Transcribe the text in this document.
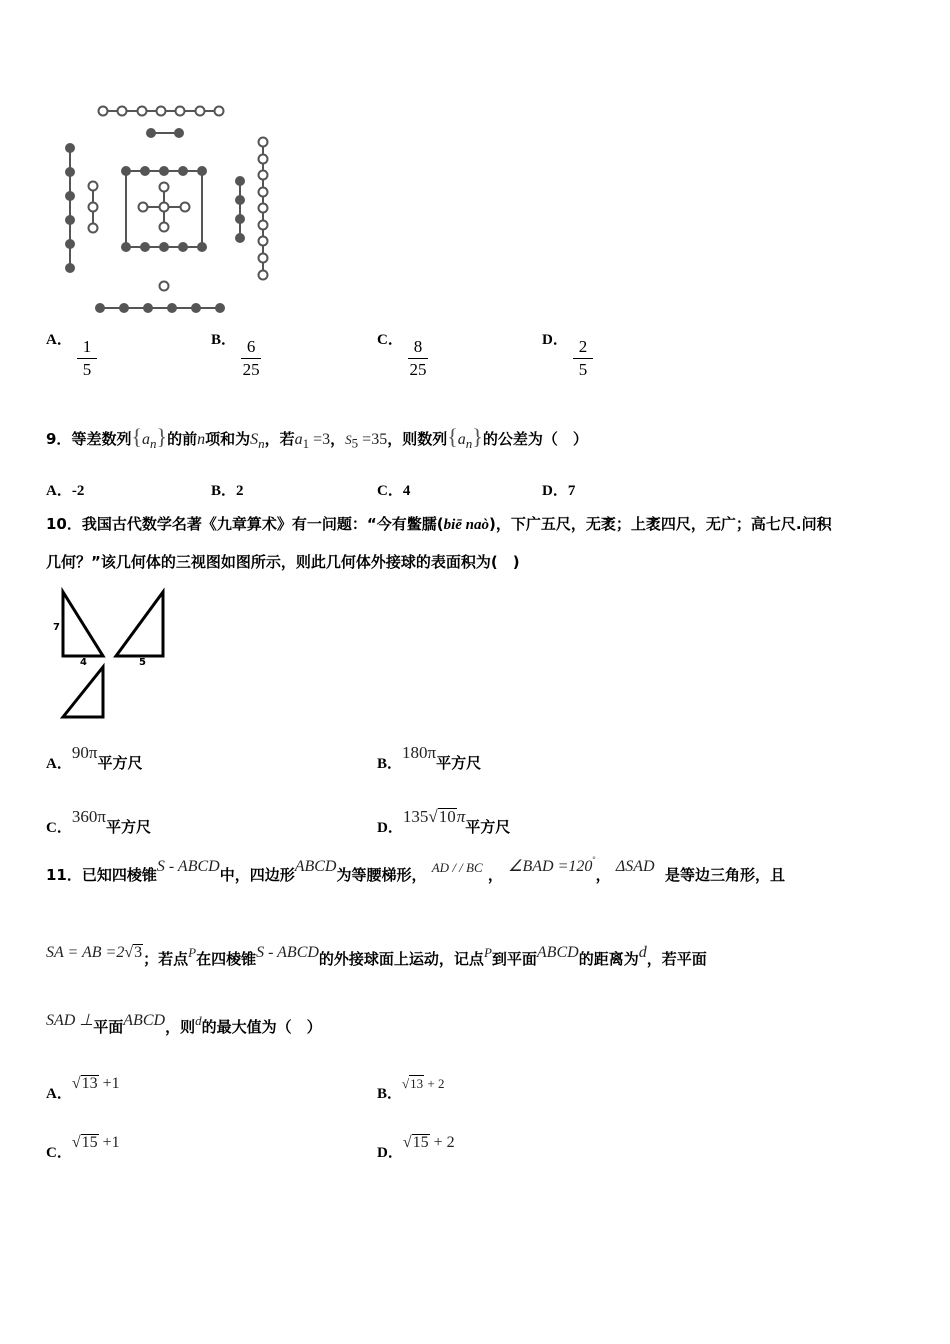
A． $\frac{1}{5}$	B． $\frac{6}{25}$	C． $\frac{8}{25}$	D． $\frac{2}{5}$
9．等差数列$\{a_n\}$的前n项和为$S_n$，若$a_1 =3$，$S_5 =35$，则数列$\{a_n\}$的公差为（　）
A．-2	B．2	C．4	D．7
10．我国古代数学名著《九章算术》有一问题：“今有鳖臑(biē naò)，下广五尺，无袤；上袤四尺，无广；高七尺.问积
几何？”该几何体的三视图如图所示，则此几何体外接球的表面积为(　)
7
4	5
A．90π平方尺	B．180π平方尺
C．360π平方尺	D．135√10π平方尺
11．已知四棱锥S - ABCD中，四边形ABCD为等腰梯形， AD / / BC ， ∠BAD =120°， ΔSAD 是等边三角形，且
SA = AB =2√3；若点P在四棱锥S - ABCD的外接球面上运动，记点P到平面ABCD的距离为d，若平面
SAD ⊥平面ABCD，则d的最大值为（　）
A．√13 +1
B．√13 + 2
C．√15 +1
D．√15 + 2
